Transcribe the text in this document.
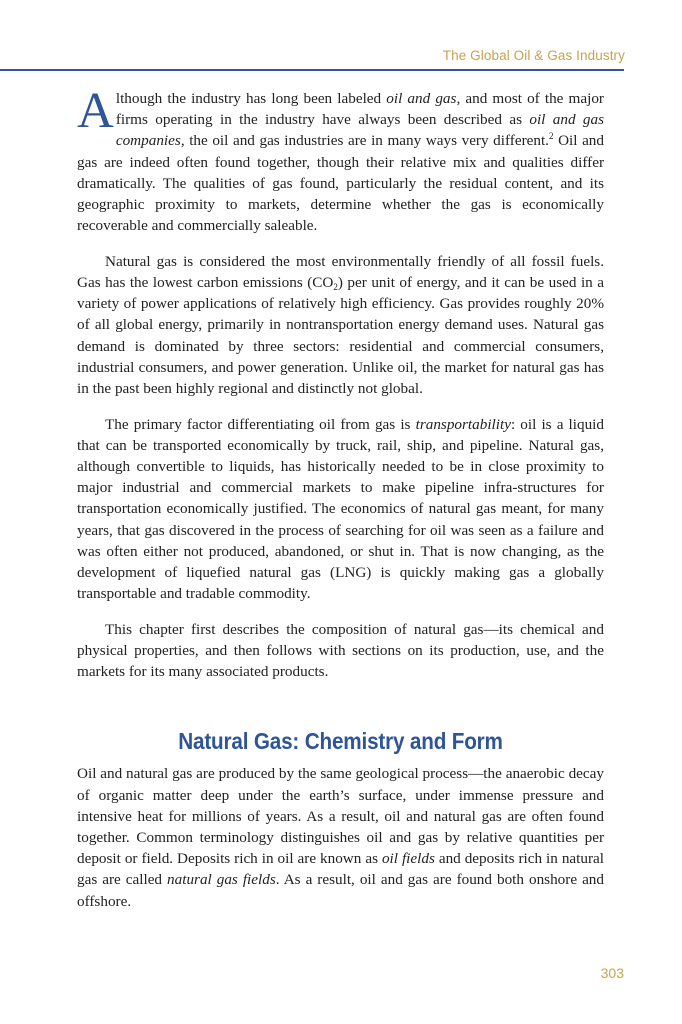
The Global Oil & Gas Industry

Although the industry has long been labeled oil and gas, and most of the major firms operating in the industry have always been described as oil and gas companies, the oil and gas industries are in many ways very different.$^2$ Oil and gas are indeed often found together, though their relative mix and qualities differ dramatically. The qualities of gas found, particularly the residual content, and its geographic proximity to markets, determine whether the gas is economically recoverable and commercially saleable.

Natural gas is considered the most environmentally friendly of all fossil fuels. Gas has the lowest carbon emissions $(CO_2)$ per unit of energy, and it can be used in a variety of power applications of relatively high efficiency. Gas provides roughly 20% of all global energy, primarily in nontransportation energy demand uses. Natural gas demand is dominated by three sectors: residential and commercial consumers, industrial consumers, and power generation. Unlike oil, the market for natural gas has in the past been highly regional and distinctly not global.

The primary factor differentiating oil from gas is transportability: oil is a liquid that can be transported economically by truck, rail, ship, and pipeline. Natural gas, although convertible to liquids, has historically needed to be in close proximity to major industrial and commercial markets to make pipeline infra-structures for transportation economically justified. The economics of natural gas meant, for many years, that gas discovered in the process of searching for oil was seen as a failure and was often either not produced, abandoned, or shut in. That is now changing, as the development of liquefied natural gas (LNG) is quickly making gas a globally transportable and tradable commodity.

This chapter first describes the composition of natural gas—its chemical and physical properties, and then follows with sections on its production, use, and the markets for its many associated products.

Natural Gas: Chemistry and Form

Oil and natural gas are produced by the same geological process—the anaerobic decay of organic matter deep under the earth’s surface, under immense pressure and intensive heat for millions of years. As a result, oil and natural gas are often found together. Common terminology distinguishes oil and gas by relative quantities per deposit or field. Deposits rich in oil are known as oil fields and deposits rich in natural gas are called natural gas fields. As a result, oil and gas are found both onshore and offshore.

303
